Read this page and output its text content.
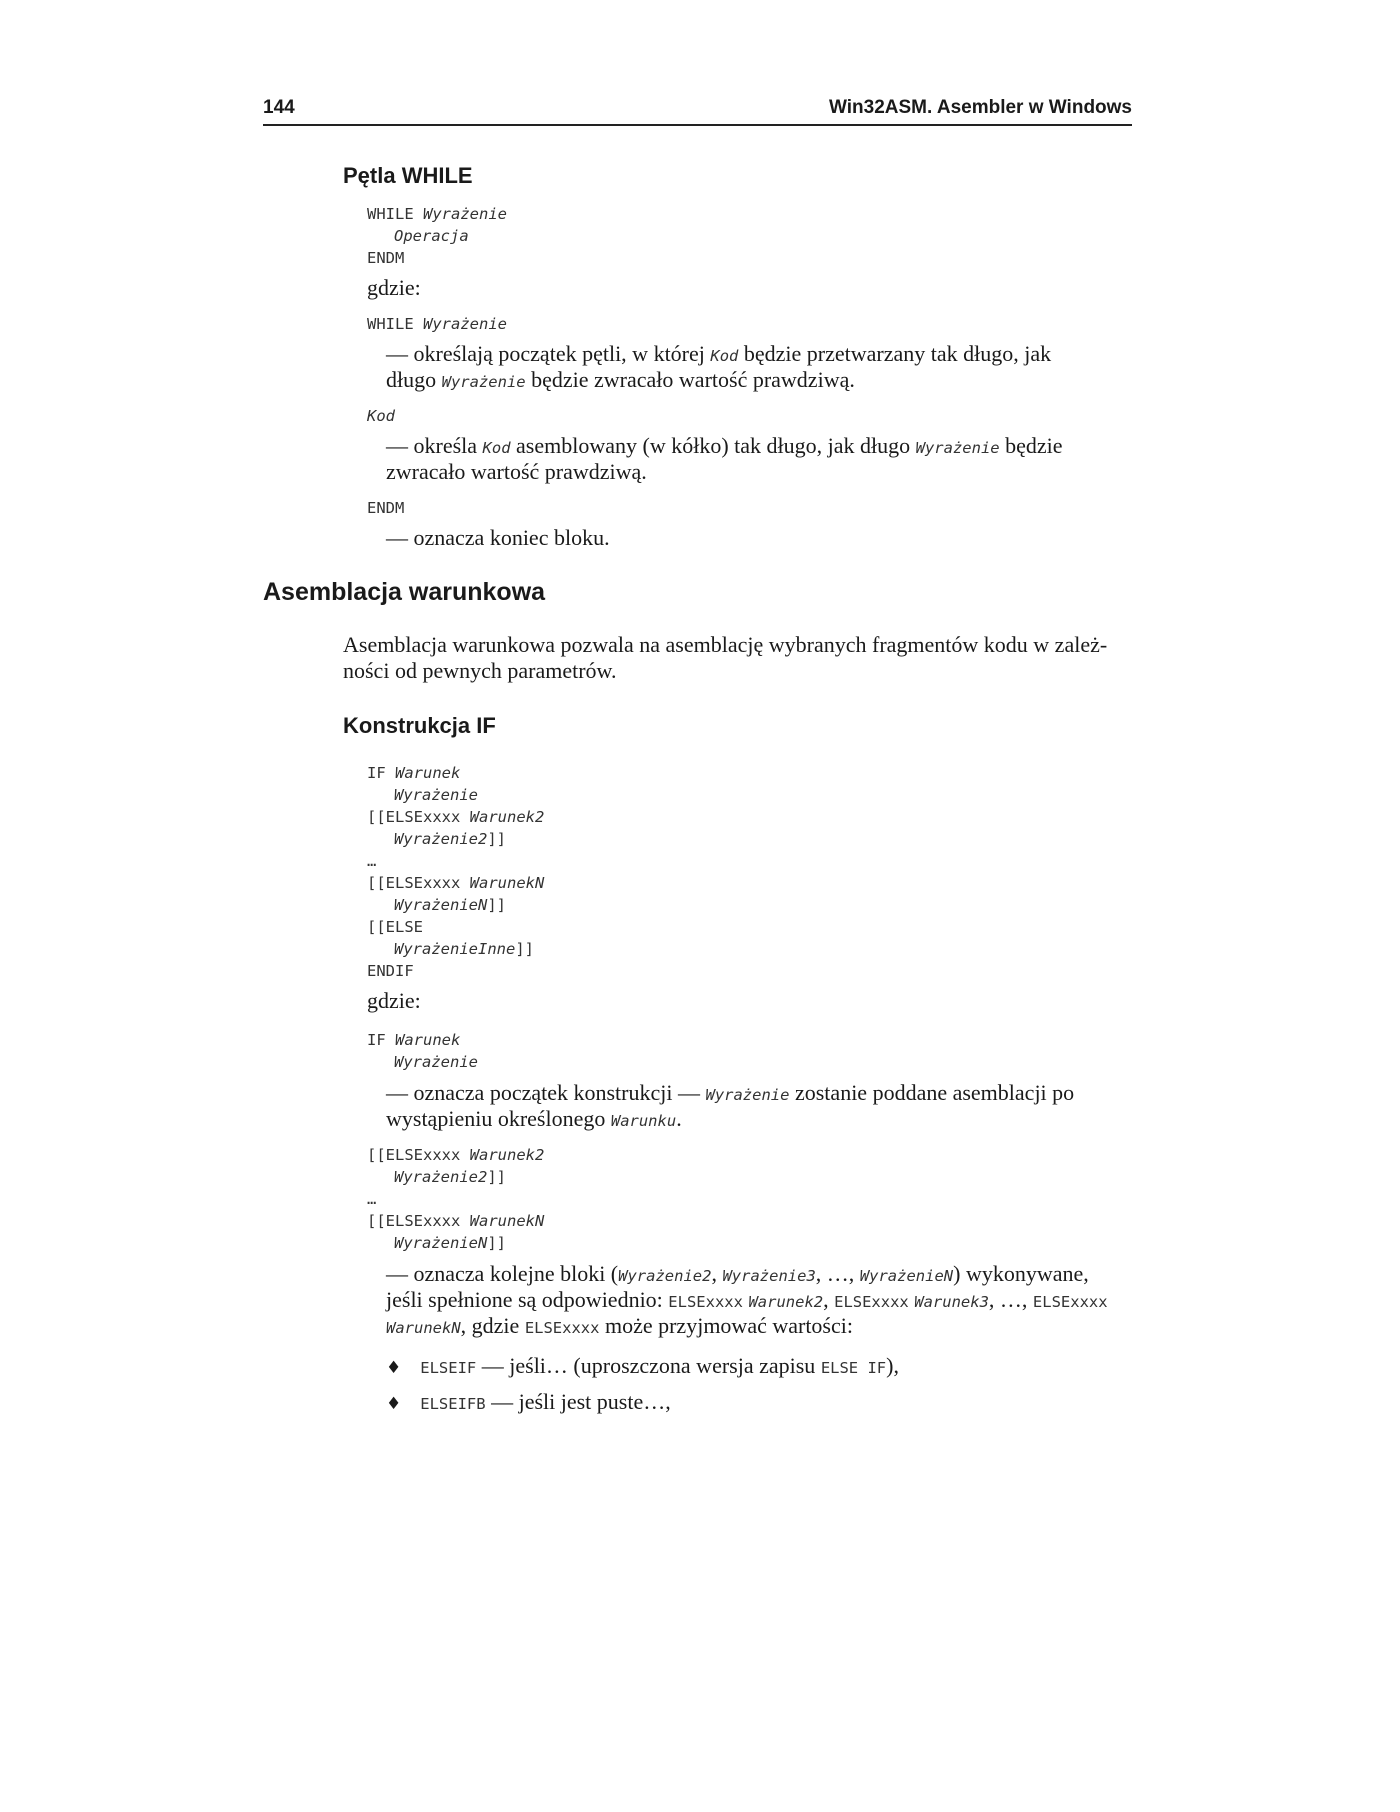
144	Win32ASM. Asembler w Windows
Pętla WHILE
WHILE Wyrażenie
Operacja
ENDM
gdzie:
WHILE Wyrażenie
— określają początek pętli, w której Kod będzie przetwarzany tak długo, jak
długo Wyrażenie będzie zwracało wartość prawdziwą.
Kod
— określa Kod asemblowany (w kółko) tak długo, jak długo Wyrażenie będzie
zwracało wartość prawdziwą.
ENDM
— oznacza koniec bloku.
Asemblacja warunkowa
Asemblacja warunkowa pozwala na asemblację wybranych fragmentów kodu w zależ-
ności od pewnych parametrów.
Konstrukcja IF
IF Warunek
Wyrażenie
[[ELSExxxx Warunek2
Wyrażenie2]]
…
[[ELSExxxx WarunekN
WyrażenieN]]
[[ELSE
WyrażenieInne]]
ENDIF
gdzie:
IF Warunek
Wyrażenie
— oznacza początek konstrukcji — Wyrażenie zostanie poddane asemblacji po
wystąpieniu określonego Warunku.
[[ELSExxxx Warunek2
Wyrażenie2]]
…
[[ELSExxxx WarunekN
WyrażenieN]]
— oznacza kolejne bloki (Wyrażenie2, Wyrażenie3, …, WyrażenieN) wykonywane,
jeśli spełnione są odpowiednio: ELSExxxx Warunek2, ELSExxxx Warunek3, …, ELSExxxx
WarunekN, gdzie ELSExxxx może przyjmować wartości:
♦ ELSEIF — jeśli… (uproszczona wersja zapisu ELSE IF),
♦ ELSEIFB — jeśli jest puste…,
